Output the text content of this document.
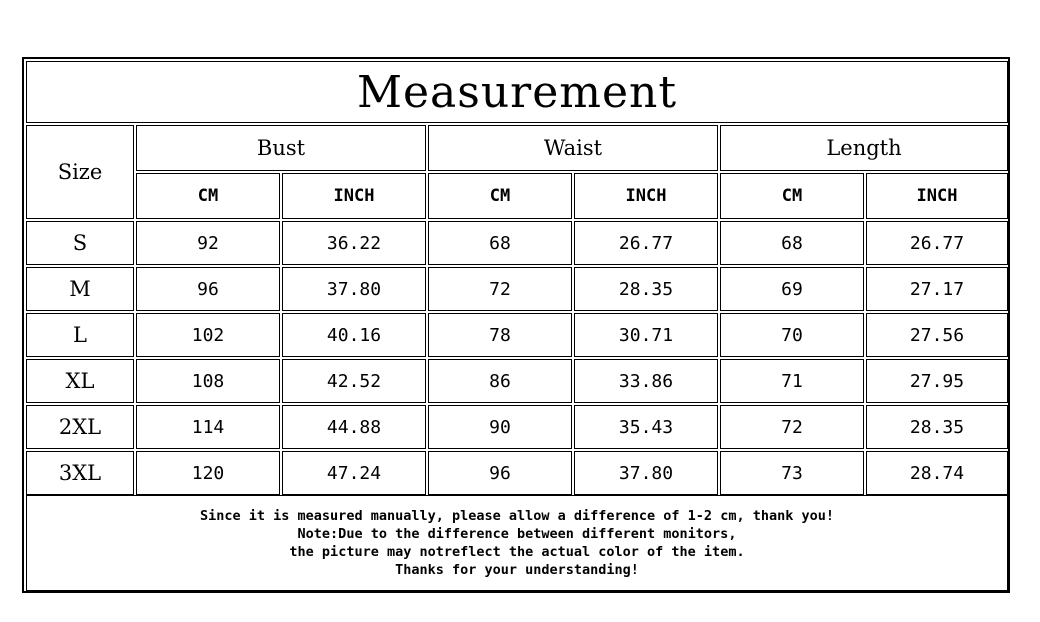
Measurement
Size
Bust	Waist	Length
CM	INCH	CM	INCH	CM	INCH
S	92	36.22	68	26.77	68	26.77
M	96	37.80	72	28.35	69	27.17
L	102	40.16	78	30.71	70	27.56
XL	108	42.52	86	33.86	71	27.95
2XL	114	44.88	90	35.43	72	28.35
3XL	120	47.24	96	37.80	73	28.74
Since it is measured manually, please allow a difference of 1-2 cm, thank you!
Note:Due to the difference between different monitors,
the picture may notreflect the actual color of the item.
Thanks for your understanding!
